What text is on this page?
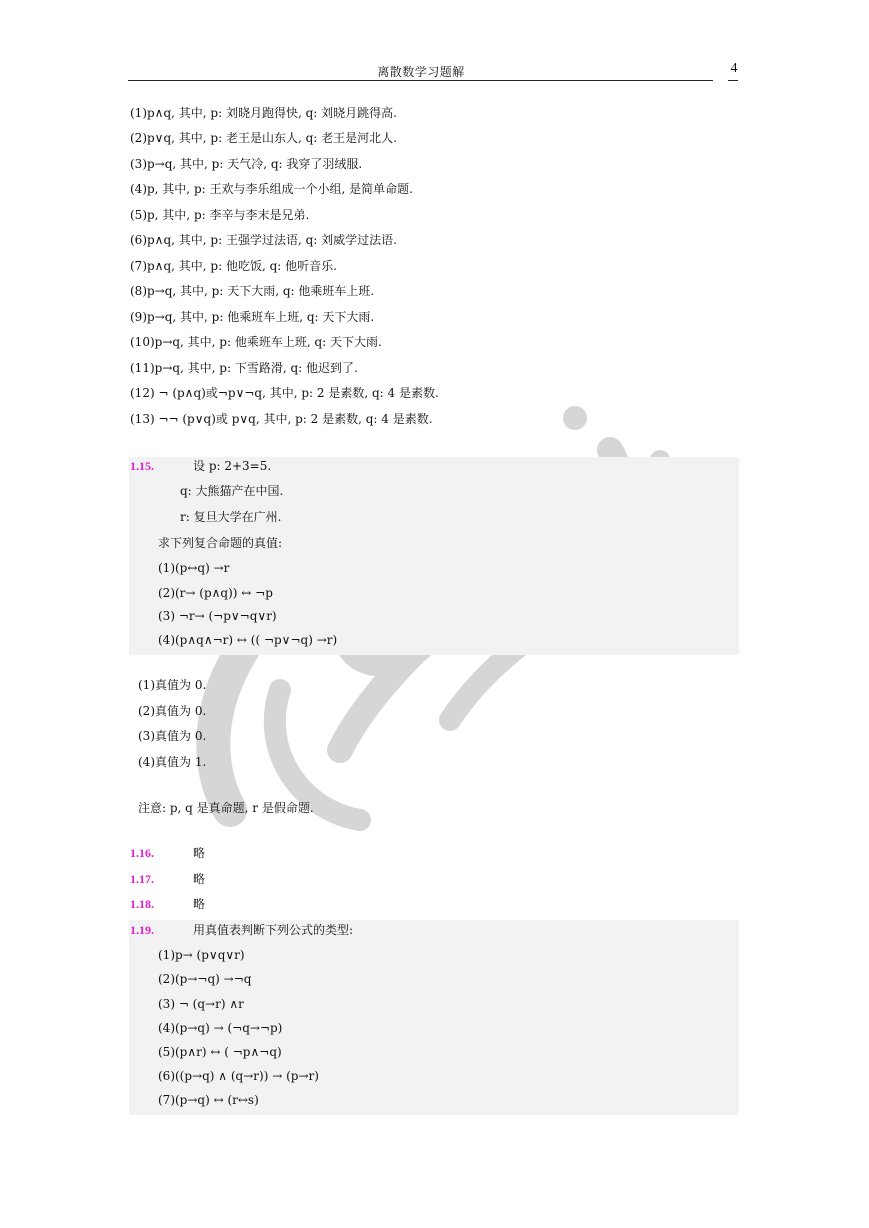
离散数学习题解	4
(1)p∧q, 其中, p: 刘晓月跑得快, q: 刘晓月跳得高.
(2)p∨q, 其中, p: 老王是山东人, q: 老王是河北人.
(3)p→q, 其中, p: 天气冷, q: 我穿了羽绒服.
(4)p, 其中, p: 王欢与李乐组成一个小组, 是简单命题.
(5)p, 其中, p: 李辛与李末是兄弟.
(6)p∧q, 其中, p: 王强学过法语, q: 刘威学过法语.
(7)p∧q, 其中, p: 他吃饭, q: 他听音乐.
(8)p→q, 其中, p: 天下大雨, q: 他乘班车上班.
(9)p→q, 其中, p: 他乘班车上班, q: 天下大雨.
(10)p→q, 其中, p: 他乘班车上班, q: 天下大雨.
(11)p→q, 其中, p: 下雪路滑, q: 他迟到了.
(12) ¬ (p∧q)或¬p∨¬q, 其中, p: 2 是素数, q: 4 是素数.
(13) ¬¬ (p∨q)或 p∨q, 其中, p: 2 是素数, q: 4 是素数.
1.15.	设 p: 2+3=5.
q: 大熊猫产在中国.
r: 复旦大学在广州.
求下列复合命题的真值:
(1)(p↔q) →r
(2)(r→ (p∧q)) ↔ ¬p
(3) ¬r→ (¬p∨¬q∨r)
(4)(p∧q∧¬r) ↔ (( ¬p∨¬q) →r)
(1)真值为 0.
(2)真值为 0.
(3)真值为 0.
(4)真值为 1.
注意: p, q 是真命题, r 是假命题.
1.16.	略
1.17.	略
1.18.	略
1.19.	用真值表判断下列公式的类型:
(1)p→ (p∨q∨r)
(2)(p→¬q) →¬q
(3) ¬ (q→r) ∧r
(4)(p→q) → (¬q→¬p)
(5)(p∧r) ↔ ( ¬p∧¬q)
(6)((p→q) ∧ (q→r)) → (p→r)
(7)(p→q) ↔ (r↔s)
